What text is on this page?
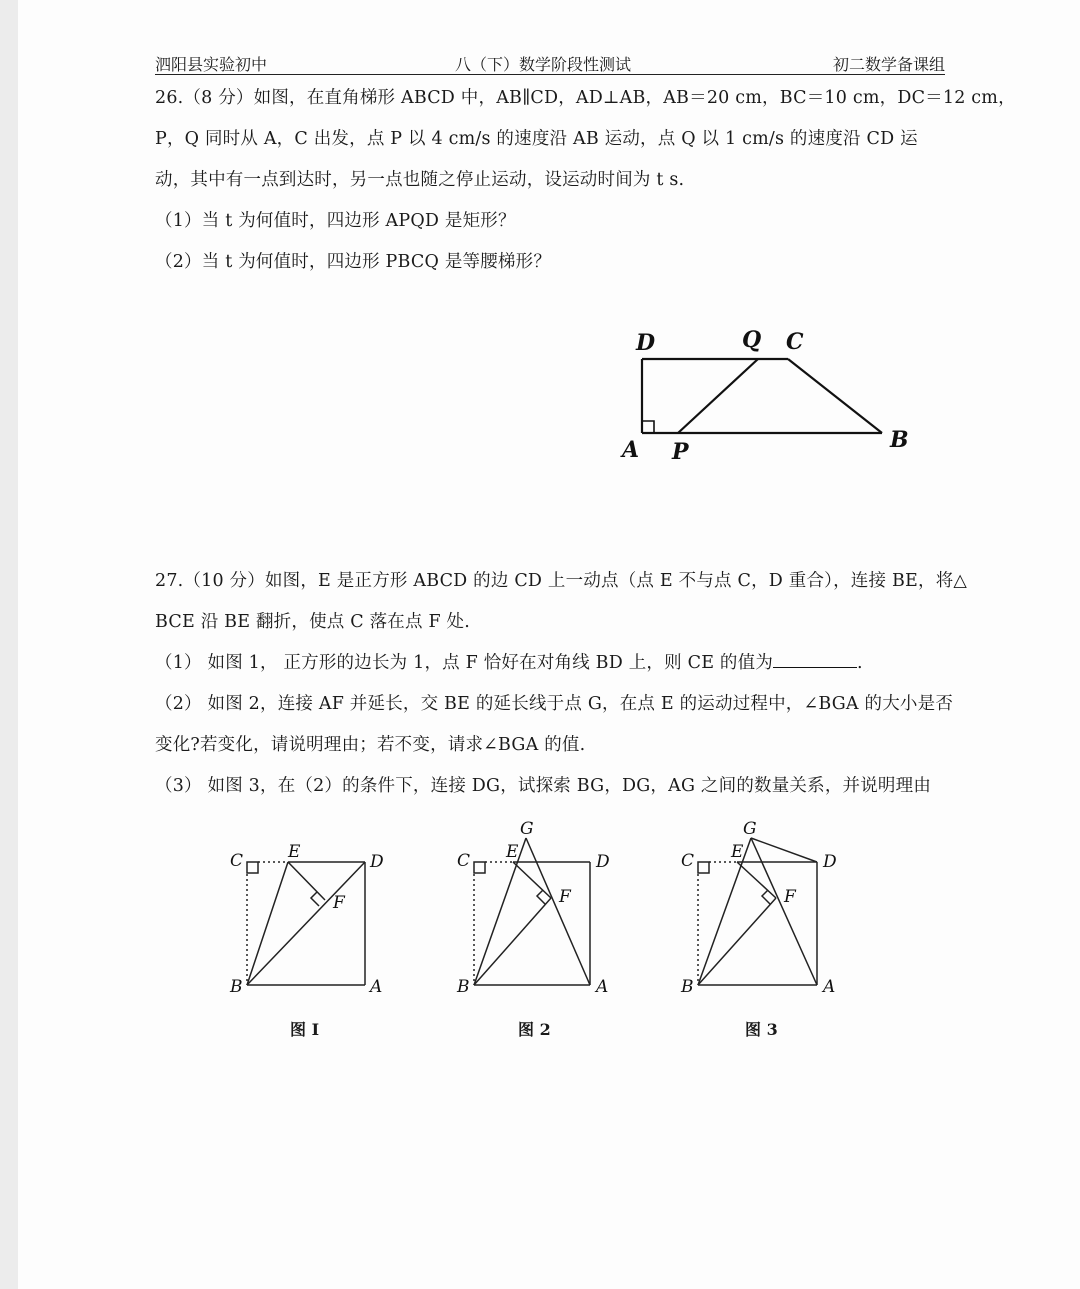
泗阳县实验初中	八（下）数学阶段性测试	初二数学备课组
26.（8 分）如图，在直角梯形 ABCD 中，AB∥CD，AD⊥AB，AB＝20 cm，BC＝10 cm，DC＝12 cm，
P，Q 同时从 A，C 出发，点 P 以 4 cm/s 的速度沿 AB 运动，点 Q 以 1 cm/s 的速度沿 CD 运
动，其中有一点到达时，另一点也随之停止运动，设运动时间为 t s.
（1）当 t 为何值时，四边形 APQD 是矩形？
（2）当 t 为何值时，四边形 PBCQ 是等腰梯形？
D	Q C
A P	B
27.（10 分）如图，E 是正方形 ABCD 的边 CD 上一动点（点 E 不与点 C，D 重合），连接 BE，将△
BCE 沿 BE 翻折，使点 C 落在点 F 处.
（1） 如图 1， 正方形的边长为 1，点 F 恰好在对角线 BD 上，则 CE 的值为	.
（2） 如图 2，连接 AF 并延长，交 BE 的延长线于点 G，在点 E 的运动过程中，∠BGA 的大小是否
变化?若变化，请说明理由；若不变，请求∠BGA 的值.
（3） 如图 3，在（2）的条件下，连接 DG，试探索 BG，DG，AG 之间的数量关系，并说明理由
C	E	D
F
B	A
G
C E	D
F
B	A
G
C E	D
F
B	A
图 I	图 2	图 3
